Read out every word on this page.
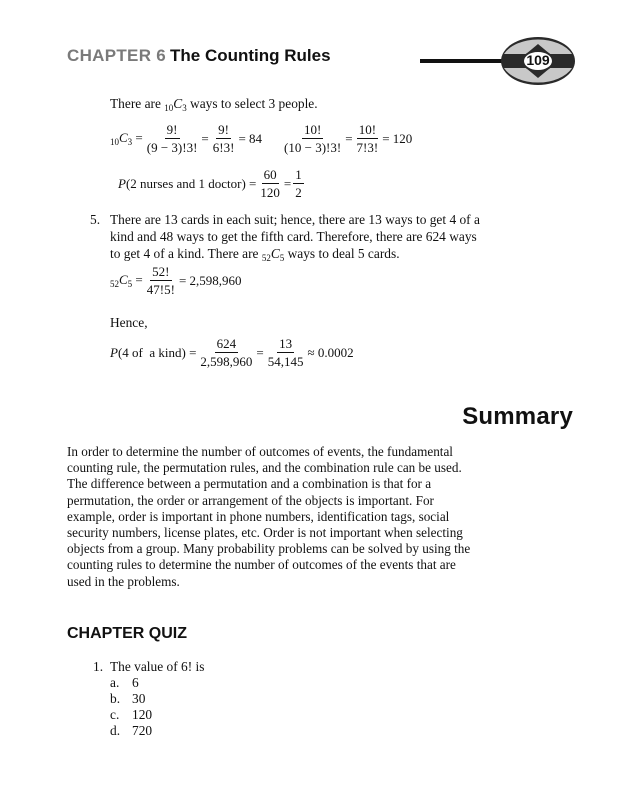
CHAPTER 6 The Counting Rules	109
There are $_{10}C_3$ ways to select 3 people.
$_{10}C_3 = \frac{9!}{(9 - 3)!3!} = \frac{9!}{6!3!} = 84 \frac{10!}{(10 - 3)!3!} = \frac{10!}{7!3!} = 120$
P(2 nurses and 1 doctor) = $\frac{60}{120} = \frac{1}{2}$
5. There are 13 cards in each suit; hence, there are 13 ways to get 4 of a
kind and 48 ways to get the fifth card. Therefore, there are 624 ways
to get 4 of a kind. There are $_{52}C_5$ ways to deal 5 cards.
$_{52}C_5 = \frac{52!}{47!5!} = 2,598,960$
Hence,
P(4 of  a kind) = $\frac{624}{2,598,960} = \frac{13}{54,145} \approx 0.0002$
Summary
In order to determine the number of outcomes of events, the fundamental
counting rule, the permutation rules, and the combination rule can be used.
The difference between a permutation and a combination is that for a
permutation, the order or arrangement of the objects is important. For
example, order is important in phone numbers, identification tags, social
security numbers, license plates, etc. Order is not important when selecting
objects from a group. Many probability problems can be solved by using the
counting rules to determine the number of outcomes of the events that are
used in the problems.
CHAPTER QUIZ
1. The value of 6! is
a. 6
b. 30
c. 120
d. 720
